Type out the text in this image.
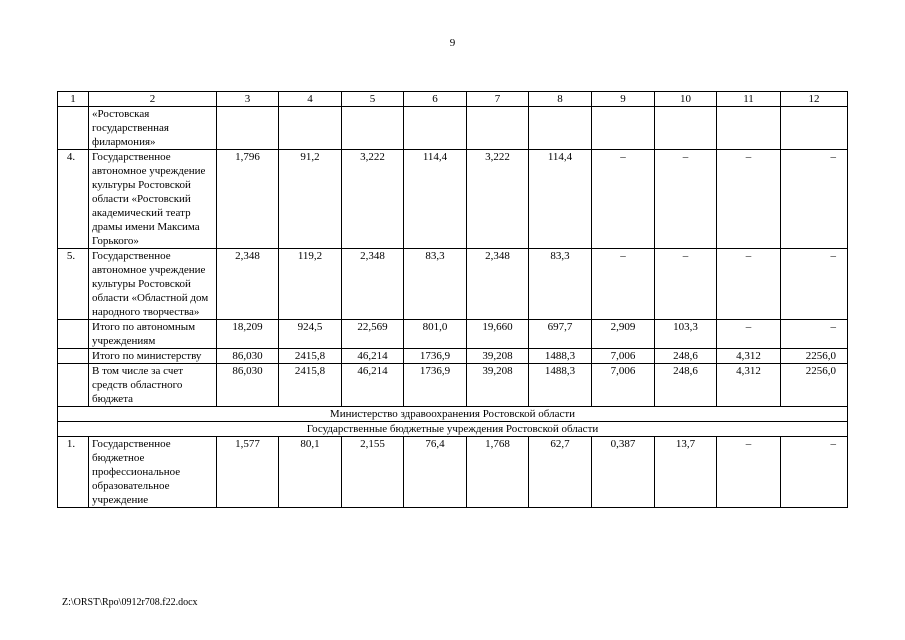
9
1	2	3	4	5	6	7	8	9	10	11	12
	«Ростовская государственная филармония»										
4.	Государственное автономное учреждение культуры Ростовской области «Ростовский академический театр драмы имени Максима Горького»	1,796	91,2	3,222	114,4	3,222	114,4	–	–	–	–
5.	Государственное автономное учреждение культуры Ростовской области «Областной дом народного творчества»	2,348	119,2	2,348	83,3	2,348	83,3	–	–	–	–
	Итого по автономным учреждениям	18,209	924,5	22,569	801,0	19,660	697,7	2,909	103,3	–	–
	Итого по министерству	86,030	2415,8	46,214	1736,9	39,208	1488,3	7,006	248,6	4,312	2256,0
	В том числе за счет средств областного бюджета	86,030	2415,8	46,214	1736,9	39,208	1488,3	7,006	248,6	4,312	2256,0
Министерство здравоохранения Ростовской области											
Государственные бюджетные учреждения Ростовской области											
1.	Государственное бюджетное профессиональное образовательное учреждение	1,577	80,1	2,155	76,4	1,768	62,7	0,387	13,7	–	–
Z:\ORST\Rpo\0912r708.f22.docx
